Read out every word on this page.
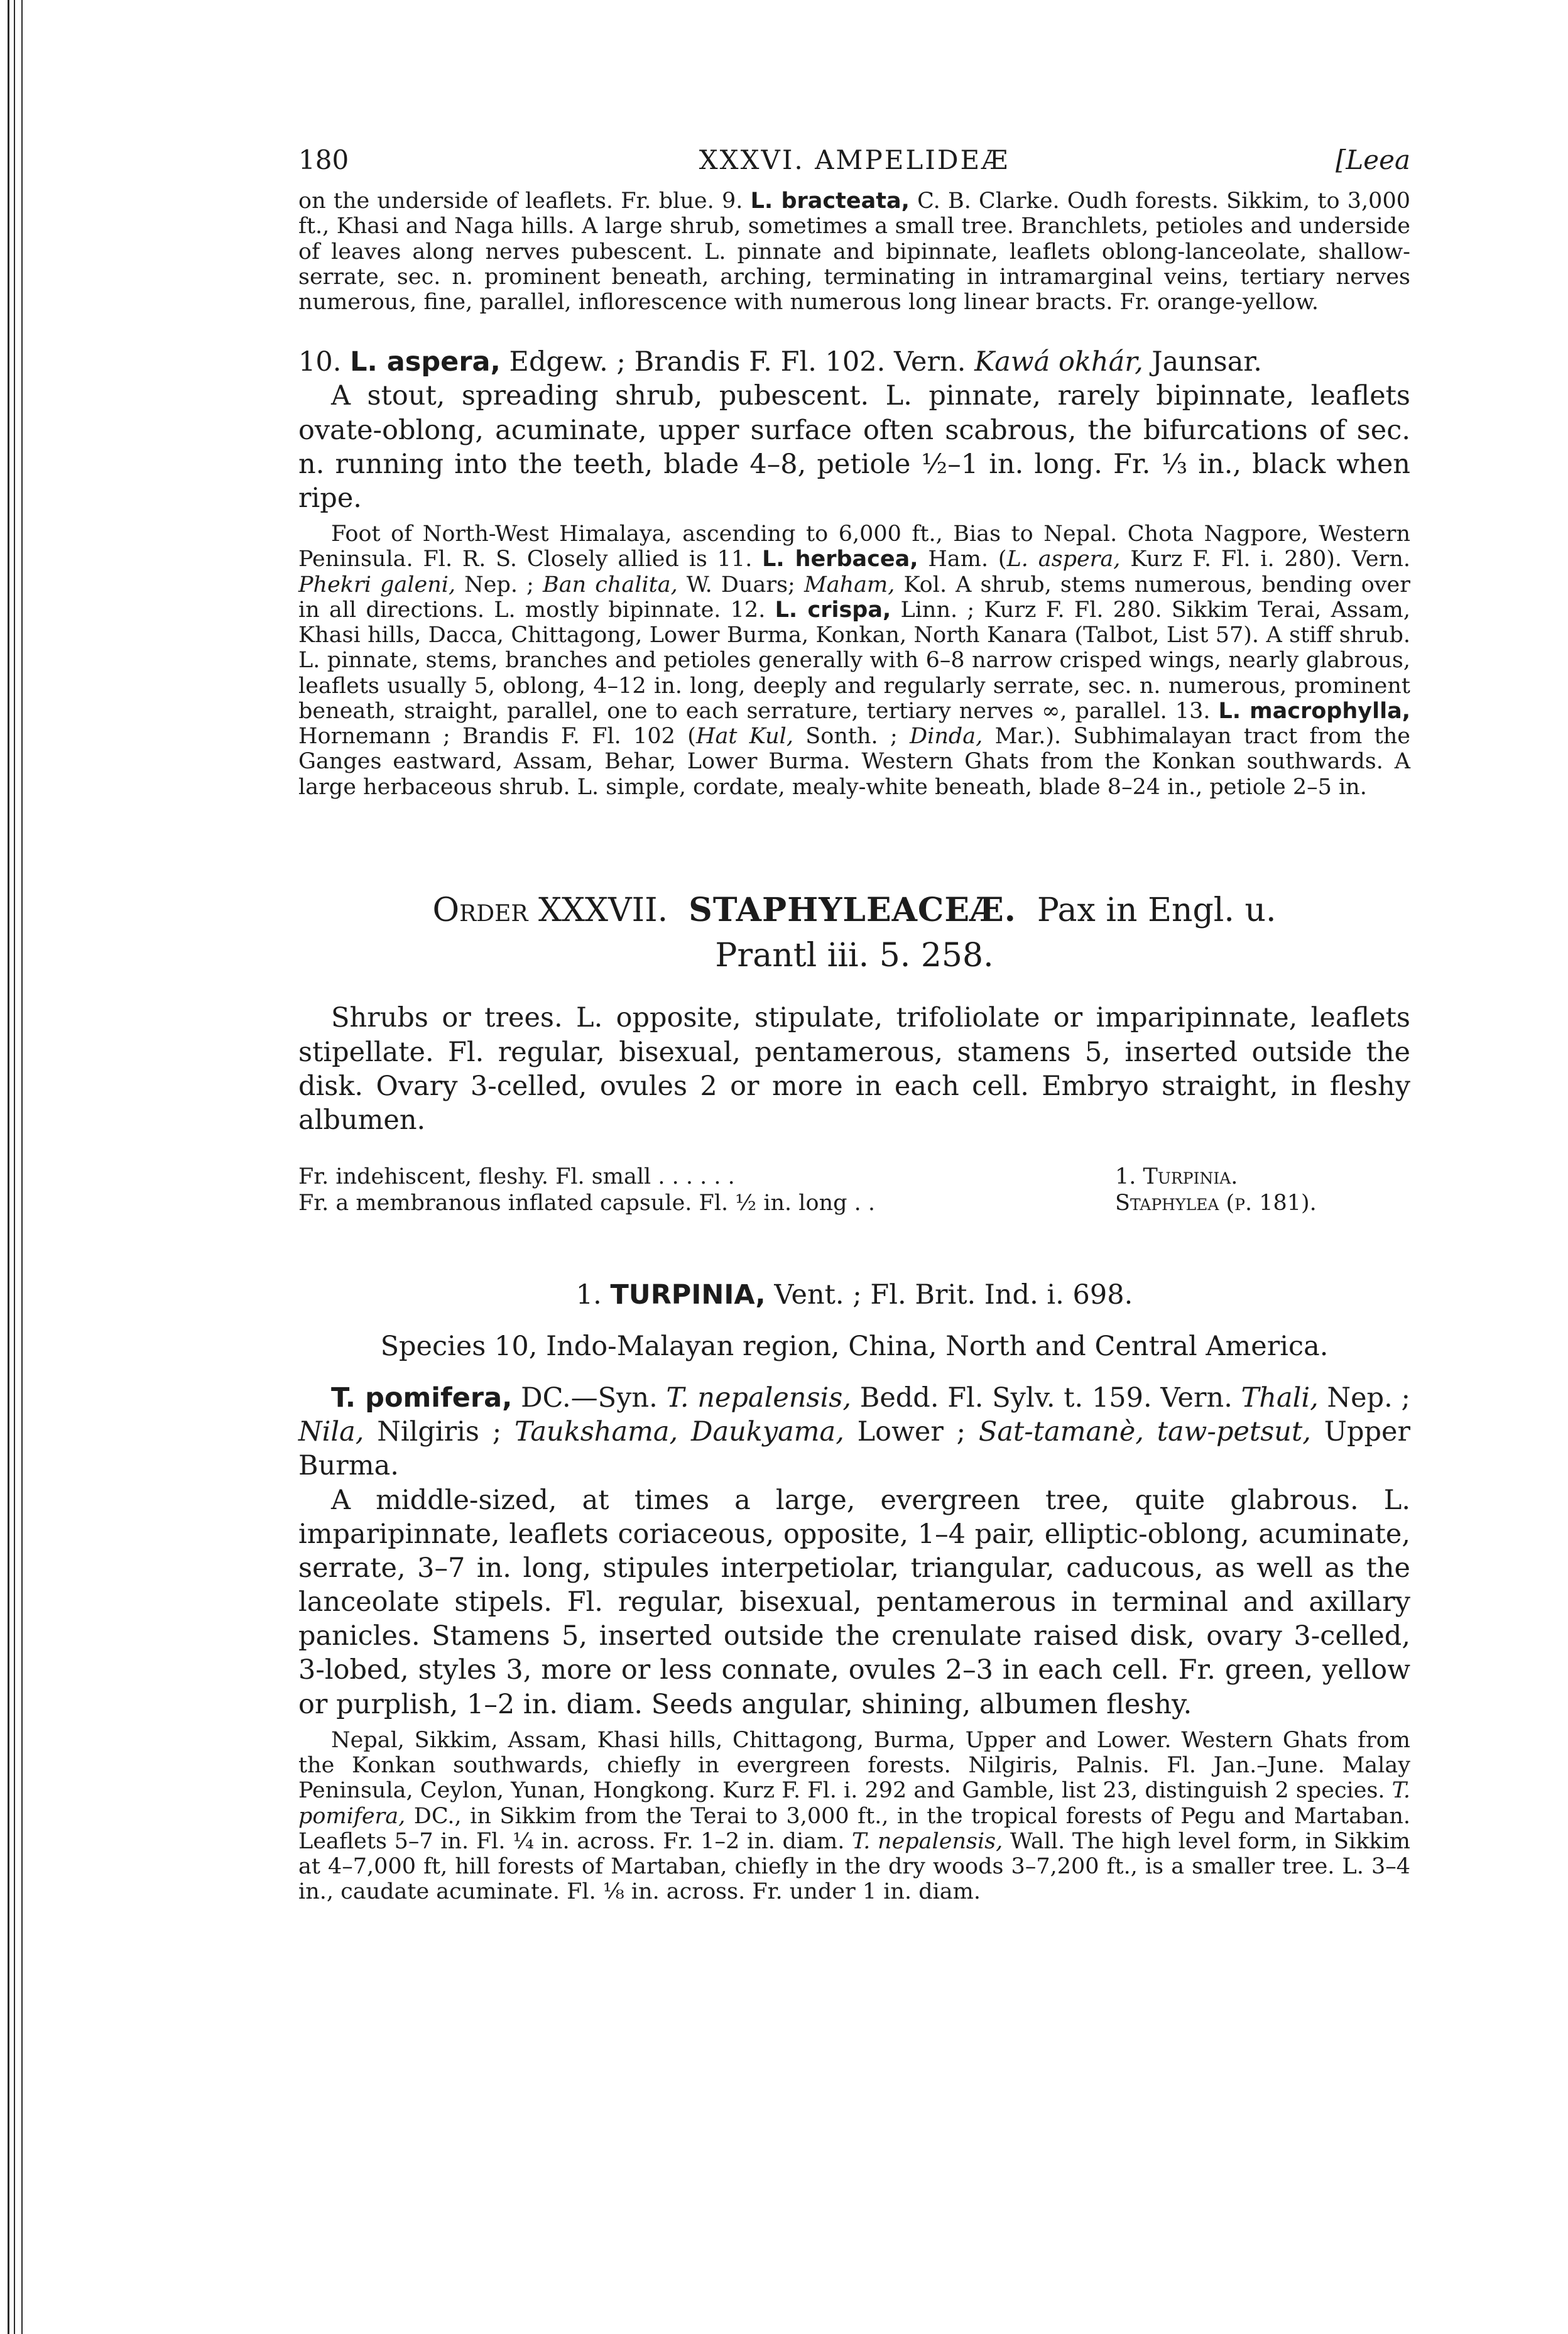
180	XXXVI. AMPELIDEÆ	[Leea

on the underside of leaflets. Fr. blue. 9. L. bracteata, C. B. Clarke. Oudh forests. Sikkim, to 3,000 ft., Khasi and Naga hills. A large shrub, sometimes a small tree. Branchlets, petioles and underside of leaves along nerves pubescent. L. pinnate and bipinnate, leaflets oblong-lanceolate, shallow-serrate, sec. n. prominent beneath, arching, terminating in intramarginal veins, tertiary nerves numerous, fine, parallel, inflorescence with numerous long linear bracts. Fr. orange-yellow.

10. L. aspera, Edgew. ; Brandis F. Fl. 102. Vern. Kawá okhár, Jaunsar.

A stout, spreading shrub, pubescent. L. pinnate, rarely bipinnate, leaflets ovate-oblong, acuminate, upper surface often scabrous, the bifurcations of sec. n. running into the teeth, blade 4–8, petiole ½–1 in. long. Fr. ⅓ in., black when ripe.

Foot of North-West Himalaya, ascending to 6,000 ft., Bias to Nepal. Chota Nagpore, Western Peninsula. Fl. R. S. Closely allied is 11. L. herbacea, Ham. (L. aspera, Kurz F. Fl. i. 280). Vern. Phekri galeni, Nep. ; Ban chalita, W. Duars; Maham, Kol. A shrub, stems numerous, bending over in all directions. L. mostly bipinnate. 12. L. crispa, Linn. ; Kurz F. Fl. 280. Sikkim Terai, Assam, Khasi hills, Dacca, Chittagong, Lower Burma, Konkan, North Kanara (Talbot, List 57). A stiff shrub. L. pinnate, stems, branches and petioles generally with 6–8 narrow crisped wings, nearly glabrous, leaflets usually 5, oblong, 4–12 in. long, deeply and regularly serrate, sec. n. numerous, prominent beneath, straight, parallel, one to each serrature, tertiary nerves ∞, parallel. 13. L. macrophylla, Hornemann ; Brandis F. Fl. 102 (Hat Kul, Sonth. ; Dinda, Mar.). Subhimalayan tract from the Ganges eastward, Assam, Behar, Lower Burma. Western Ghats from the Konkan southwards. A large herbaceous shrub. L. simple, cordate, mealy-white beneath, blade 8–24 in., petiole 2–5 in.

Order XXXVII. STAPHYLEACEÆ. Pax in Engl. u.
Prantl iii. 5. 258.

Shrubs or trees. L. opposite, stipulate, trifoliolate or imparipinnate, leaflets stipellate. Fl. regular, bisexual, pentamerous, stamens 5, inserted outside the disk. Ovary 3-celled, ovules 2 or more in each cell. Embryo straight, in fleshy albumen.

Fr. indehiscent, fleshy. Fl. small . . . . . .	1. Turpinia.
Fr. a membranous inflated capsule. Fl. ½ in. long . .	Staphylea (p. 181).
1. TURPINIA, Vent. ; Fl. Brit. Ind. i. 698.
Species 10, Indo-Malayan region, China, North and Central America.

T. pomifera, DC.—Syn. T. nepalensis, Bedd. Fl. Sylv. t. 159. Vern. Thali, Nep. ; Nila, Nilgiris ; Taukshama, Daukyama, Lower ; Sat-tamanè, taw-petsut, Upper Burma.

A middle-sized, at times a large, evergreen tree, quite glabrous. L. imparipinnate, leaflets coriaceous, opposite, 1–4 pair, elliptic-oblong, acuminate, serrate, 3–7 in. long, stipules interpetiolar, triangular, caducous, as well as the lanceolate stipels. Fl. regular, bisexual, pentamerous in terminal and axillary panicles. Stamens 5, inserted outside the crenulate raised disk, ovary 3-celled, 3-lobed, styles 3, more or less connate, ovules 2–3 in each cell. Fr. green, yellow or purplish, 1–2 in. diam. Seeds angular, shining, albumen fleshy.

Nepal, Sikkim, Assam, Khasi hills, Chittagong, Burma, Upper and Lower. Western Ghats from the Konkan southwards, chiefly in evergreen forests. Nilgiris, Palnis. Fl. Jan.–June. Malay Peninsula, Ceylon, Yunan, Hongkong. Kurz F. Fl. i. 292 and Gamble, list 23, distinguish 2 species. T. pomifera, DC., in Sikkim from the Terai to 3,000 ft., in the tropical forests of Pegu and Martaban. Leaflets 5–7 in. Fl. ¼ in. across. Fr. 1–2 in. diam. T. nepalensis, Wall. The high level form, in Sikkim at 4–7,000 ft, hill forests of Martaban, chiefly in the dry woods 3–7,200 ft., is a smaller tree. L. 3–4 in., caudate acuminate. Fl. ⅛ in. across. Fr. under 1 in. diam.
